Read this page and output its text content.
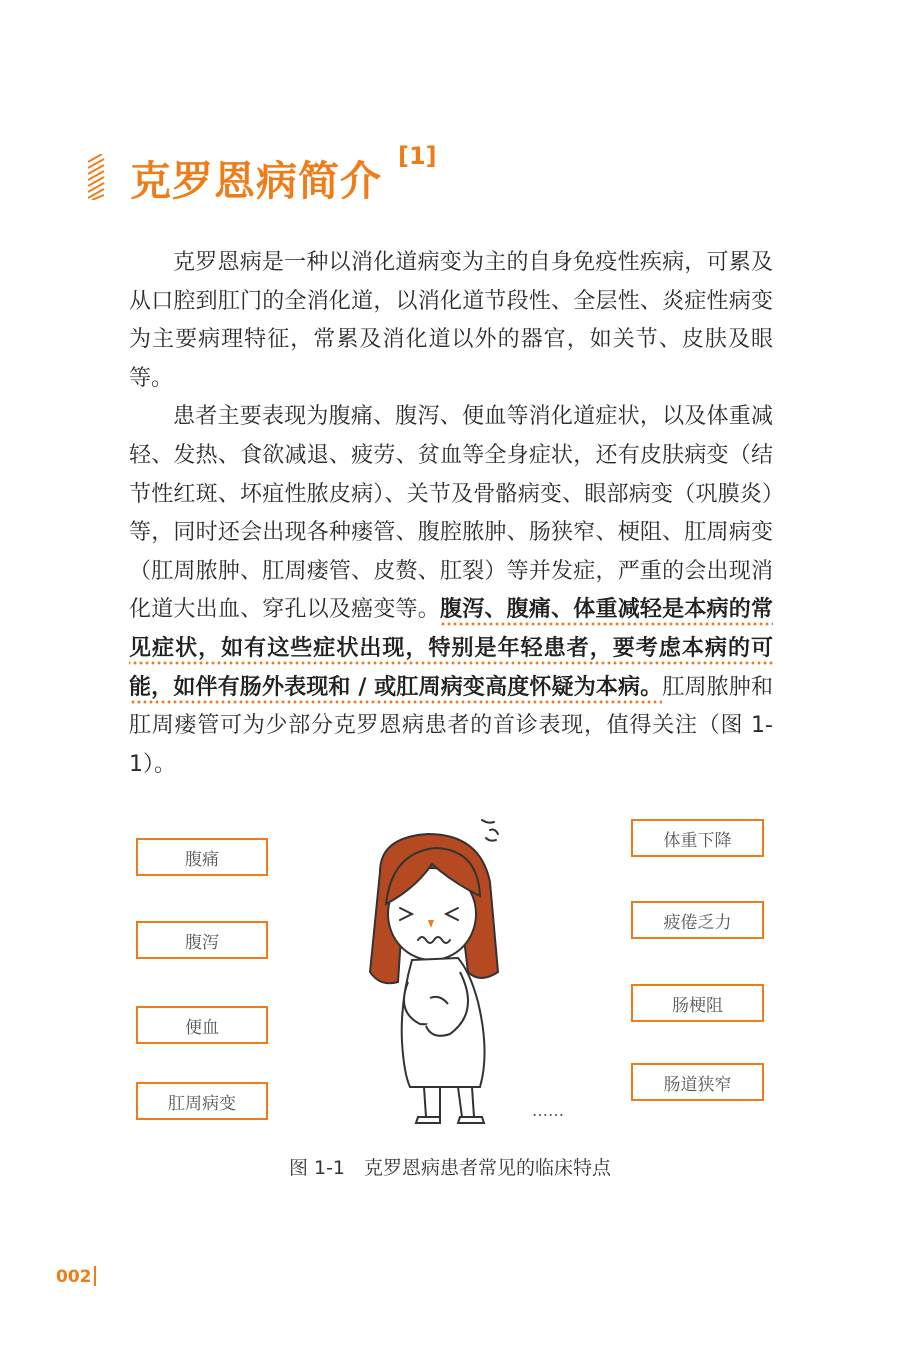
克罗恩病简介
[1]

克罗恩病是一种以消化道病变为主的自身免疫性疾病，可累及从口腔到肛门的全消化道，以消化道节段性、全层性、炎症性病变为主要病理特征，常累及消化道以外的器官，如关节、皮肤及眼等。

患者主要表现为腹痛、腹泻、便血等消化道症状，以及体重减轻、发热、食欲减退、疲劳、贫血等全身症状，还有皮肤病变（结节性红斑、坏疽性脓皮病）、关节及骨骼病变、眼部病变（巩膜炎）等，同时还会出现各种瘘管、腹腔脓肿、肠狭窄、梗阻、肛周病变（肛周脓肿、肛周瘘管、皮赘、肛裂）等并发症，严重的会出现消化道大出血、穿孔以及癌变等。腹泻、腹痛、体重减轻是本病的常见症状，如有这些症状出现，特别是年轻患者，要考虑本病的可能，如伴有肠外表现和 / 或肛周病变高度怀疑为本病。肛周脓肿和肛周瘘管可为少部分克罗恩病患者的首诊表现，值得关注（图 1-1）。

腹痛
腹泻
便血
肛周病变
体重下降
疲倦乏力
肠梗阻
肠道狭窄
……
图 1-1　克罗恩病患者常见的临床特点
002
